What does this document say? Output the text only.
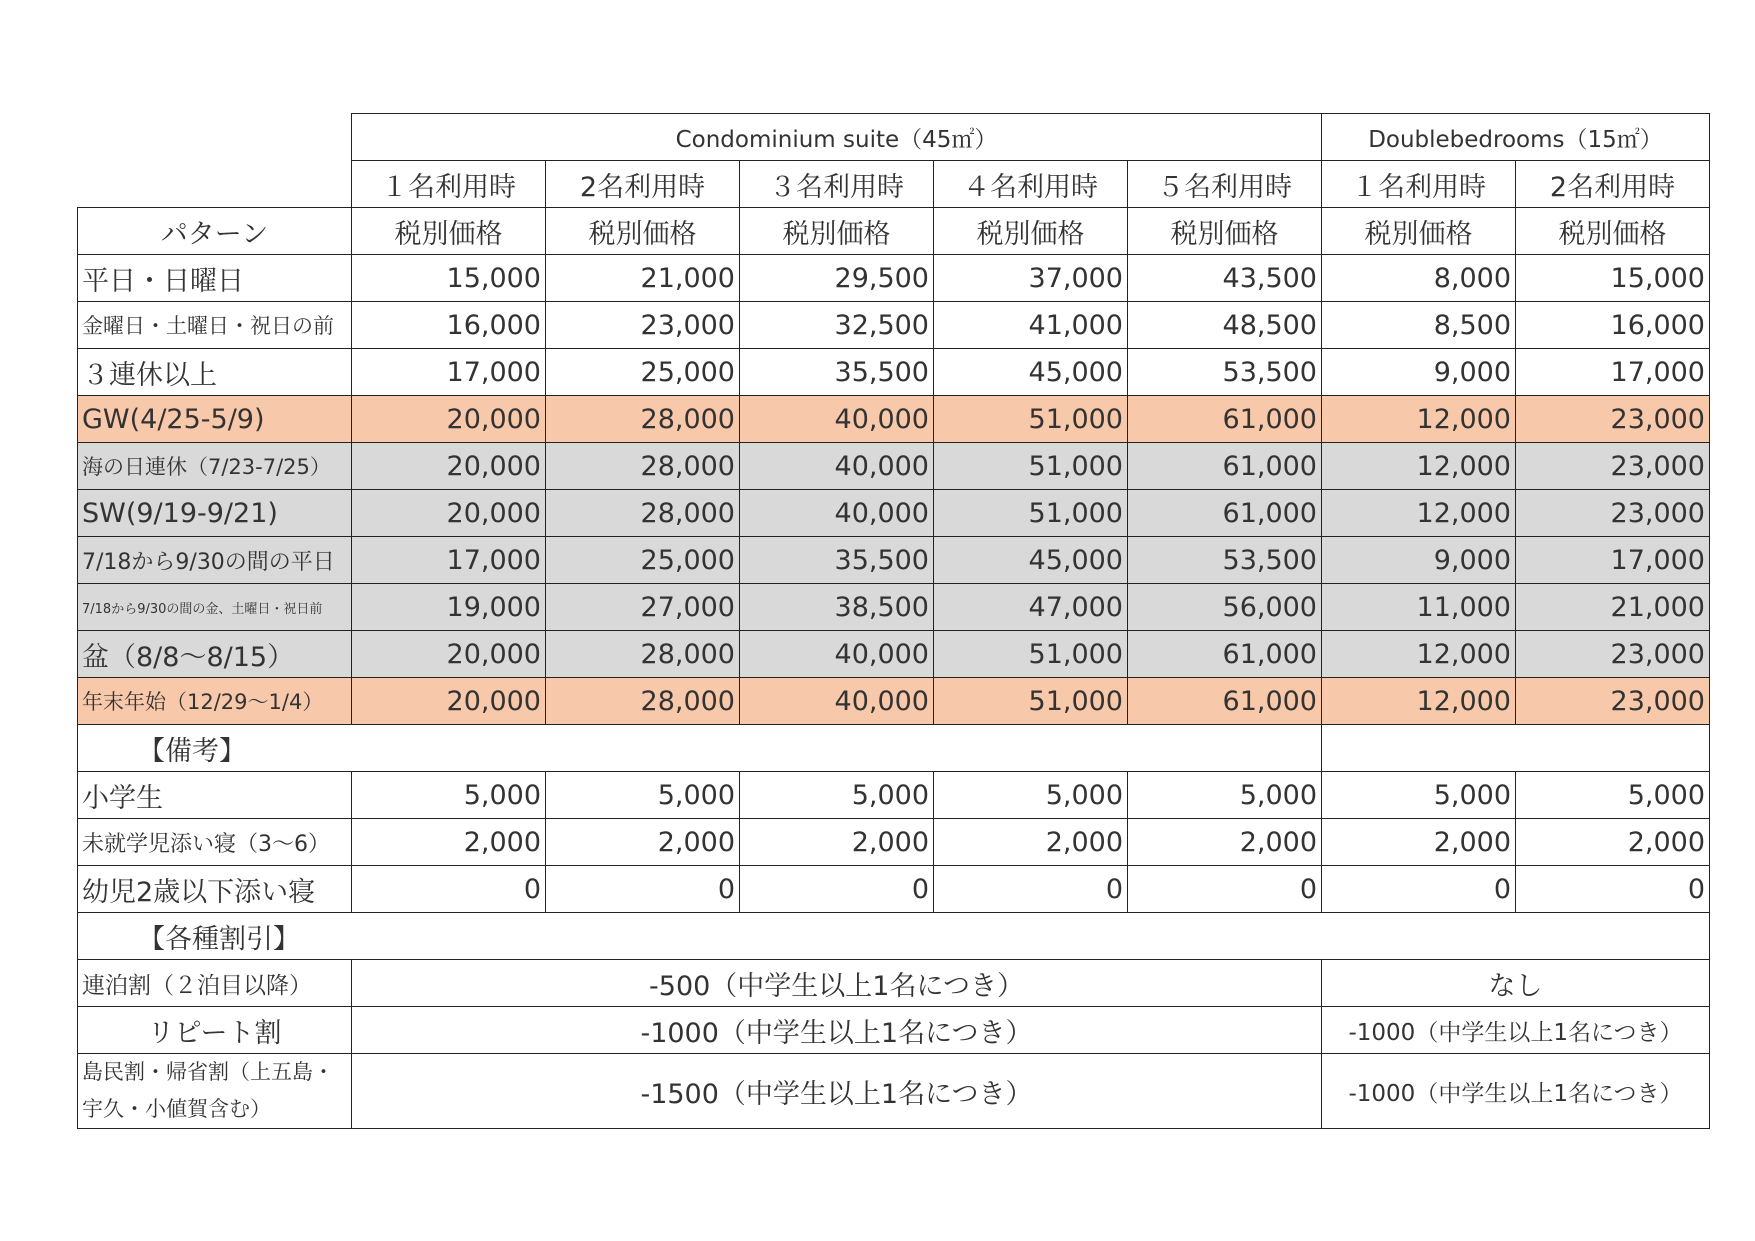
	Condominium suite（45㎡）					Doublebedrooms（15㎡）	
	１名利用時	2名利用時	３名利用時	４名利用時	５名利用時	１名利用時	2名利用時
パターン	税別価格	税別価格	税別価格	税別価格	税別価格	税別価格	税別価格
平日・日曜日	15,000	21,000	29,500	37,000	43,500	8,000	15,000
金曜日・土曜日・祝日の前	16,000	23,000	32,500	41,000	48,500	8,500	16,000
３連休以上	17,000	25,000	35,500	45,000	53,500	9,000	17,000
GW(4/25-5/9)	20,000	28,000	40,000	51,000	61,000	12,000	23,000
海の日連休（7/23-7/25）	20,000	28,000	40,000	51,000	61,000	12,000	23,000
SW(9/19-9/21)	20,000	28,000	40,000	51,000	61,000	12,000	23,000
7/18から9/30の間の平日	17,000	25,000	35,500	45,000	53,500	9,000	17,000
7/18から9/30の間の金、土曜日・祝日前	19,000	27,000	38,500	47,000	56,000	11,000	21,000
盆（8/8～8/15）	20,000	28,000	40,000	51,000	61,000	12,000	23,000
年末年始（12/29～1/4）	20,000	28,000	40,000	51,000	61,000	12,000	23,000
【備考】							
小学生	5,000	5,000	5,000	5,000	5,000	5,000	5,000
未就学児添い寝（3～6）	2,000	2,000	2,000	2,000	2,000	2,000	2,000
幼児2歳以下添い寝	0	0	0	0	0	0	0
【各種割引】							
連泊割（２泊目以降）	-500（中学生以上1名につき）					なし	
リピート割	-1000（中学生以上1名につき）					-1000（中学生以上1名につき）	
島民割・帰省割（上五島・宇久・小値賀含む）	-1500（中学生以上1名につき）					-1000（中学生以上1名につき）	
